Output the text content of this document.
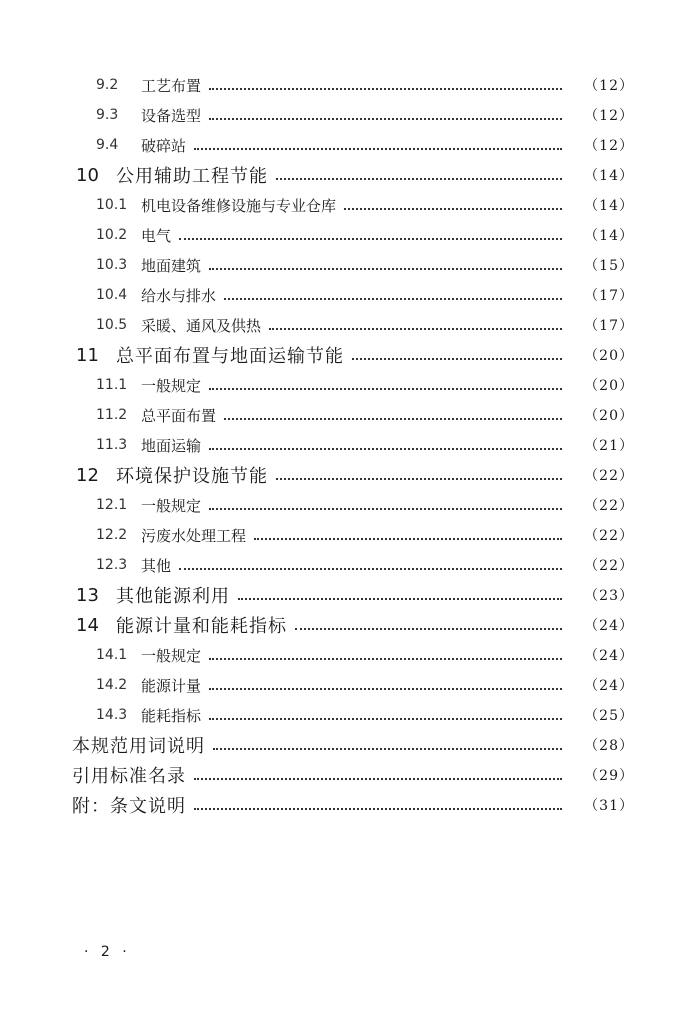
9.2	工艺布置	（12）
9.3	设备选型	（12）
9.4	破碎站	（12）
10 公用辅助工程节能	（14）
10.1 机电设备维修设施与专业仓库	（14）
10.2 电气	（14）
10.3 地面建筑	（15）
10.4 给水与排水	（17）
10.5 采暖、通风及供热	（17）
11 总平面布置与地面运输节能	（20）
11.1 一般规定	（20）
11.2 总平面布置	（20）
11.3 地面运输	（21）
12 环境保护设施节能	（22）
12.1 一般规定	（22）
12.2 污废水处理工程	（22）
12.3 其他	（22）
13 其他能源利用	（23）
14 能源计量和能耗指标	（24）
14.1 一般规定	（24）
14.2 能源计量	（24）
14.3 能耗指标	（25）
本规范用词说明	（28）
引用标准名录	（29）
附：条文说明	（31）
· 2 ·
